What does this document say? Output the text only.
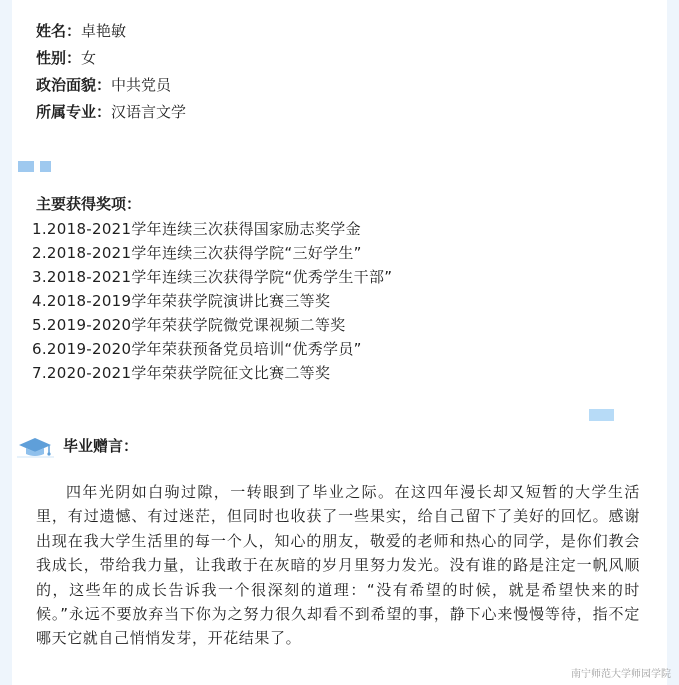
姓名：卓艳敏
性别：女
政治面貌：中共党员
所属专业：汉语言文学
主要获得奖项：
1.2018-2021学年连续三次获得国家励志奖学金
2.2018-2021学年连续三次获得学院“三好学生”
3.2018-2021学年连续三次获得学院“优秀学生干部”
4.2018-2019学年荣获学院演讲比赛三等奖
5.2019-2020学年荣获学院微党课视频二等奖
6.2019-2020学年荣获预备党员培训“优秀学员”
7.2020-2021学年荣获学院征文比赛二等奖
毕业赠言：

四年光阴如白驹过隙，一转眼到了毕业之际。在这四年漫长却又短暂的大学生活里，有过遗憾、有过迷茫，但同时也收获了一些果实，给自己留下了美好的回忆。感谢出现在我大学生活里的每一个人，知心的朋友，敬爱的老师和热心的同学，是你们教会我成长，带给我力量，让我敢于在灰暗的岁月里努力发光。没有谁的路是注定一帆风顺的，这些年的成长告诉我一个很深刻的道理：“没有希望的时候，就是希望快来的时候。”永远不要放弃当下你为之努力很久却看不到希望的事，静下心来慢慢等待，指不定哪天它就自己悄悄发芽，开花结果了。

南宁师范大学师园学院
